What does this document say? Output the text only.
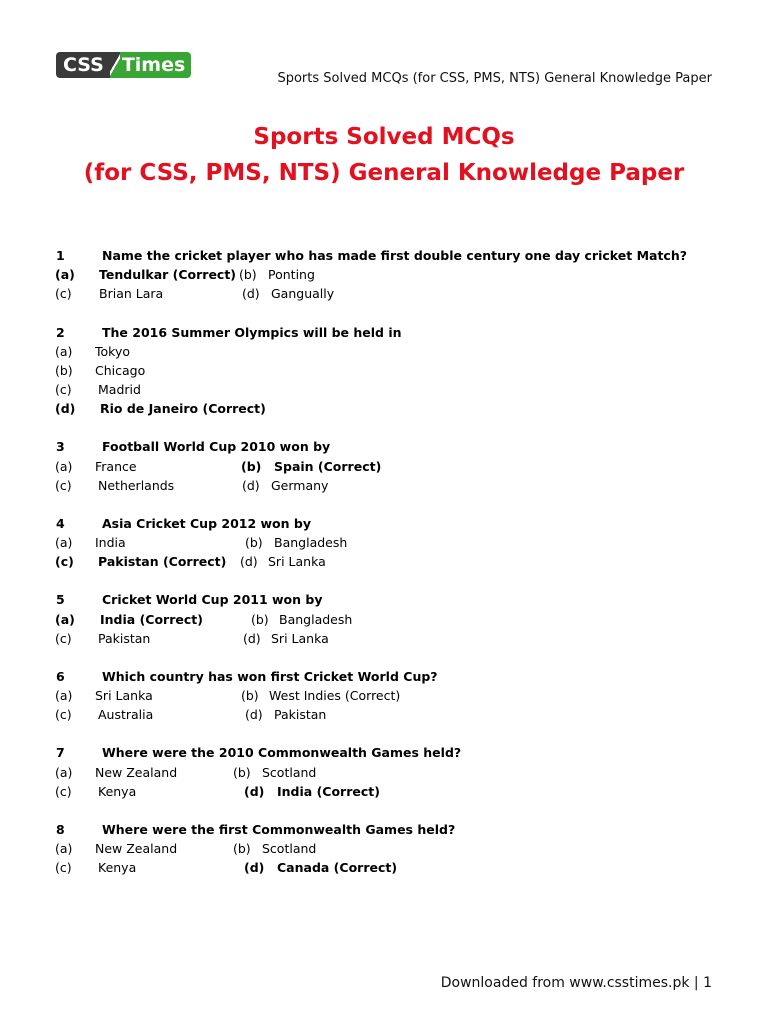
CSS Times
Sports Solved MCQs (for CSS, PMS, NTS) General Knowledge Paper
Sports Solved MCQs
(for CSS, PMS, NTS) General Knowledge Paper
1	Name the cricket player who has made first double century one day cricket Match?
(a) Tendulkar (Correct) (b) Ponting
(c) Brian Lara	(d) Gangually
2	The 2016 Summer Olympics will be held in
(a) Tokyo
(b) Chicago
(c) Madrid
(d) Rio de Janeiro (Correct)
3	Football World Cup 2010 won by
(a) France	(b) Spain (Correct)
(c) Netherlands	(d) Germany
4	Asia Cricket Cup 2012 won by
(a) India	(b) Bangladesh
(c) Pakistan (Correct) (d) Sri Lanka
5	Cricket World Cup 2011 won by
(a) India (Correct)	(b) Bangladesh
(c) Pakistan	(d) Sri Lanka
6	Which country has won first Cricket World Cup?
(a) Sri Lanka	(b) West Indies (Correct)
(c) Australia	(d) Pakistan
7	Where were the 2010 Commonwealth Games held?
(a) New Zealand	(b) Scotland
(c) Kenya	(d) India (Correct)
8	Where were the first Commonwealth Games held?
(a) New Zealand	(b) Scotland
(c) Kenya	(d) Canada (Correct)
Downloaded from www.csstimes.pk | 1
